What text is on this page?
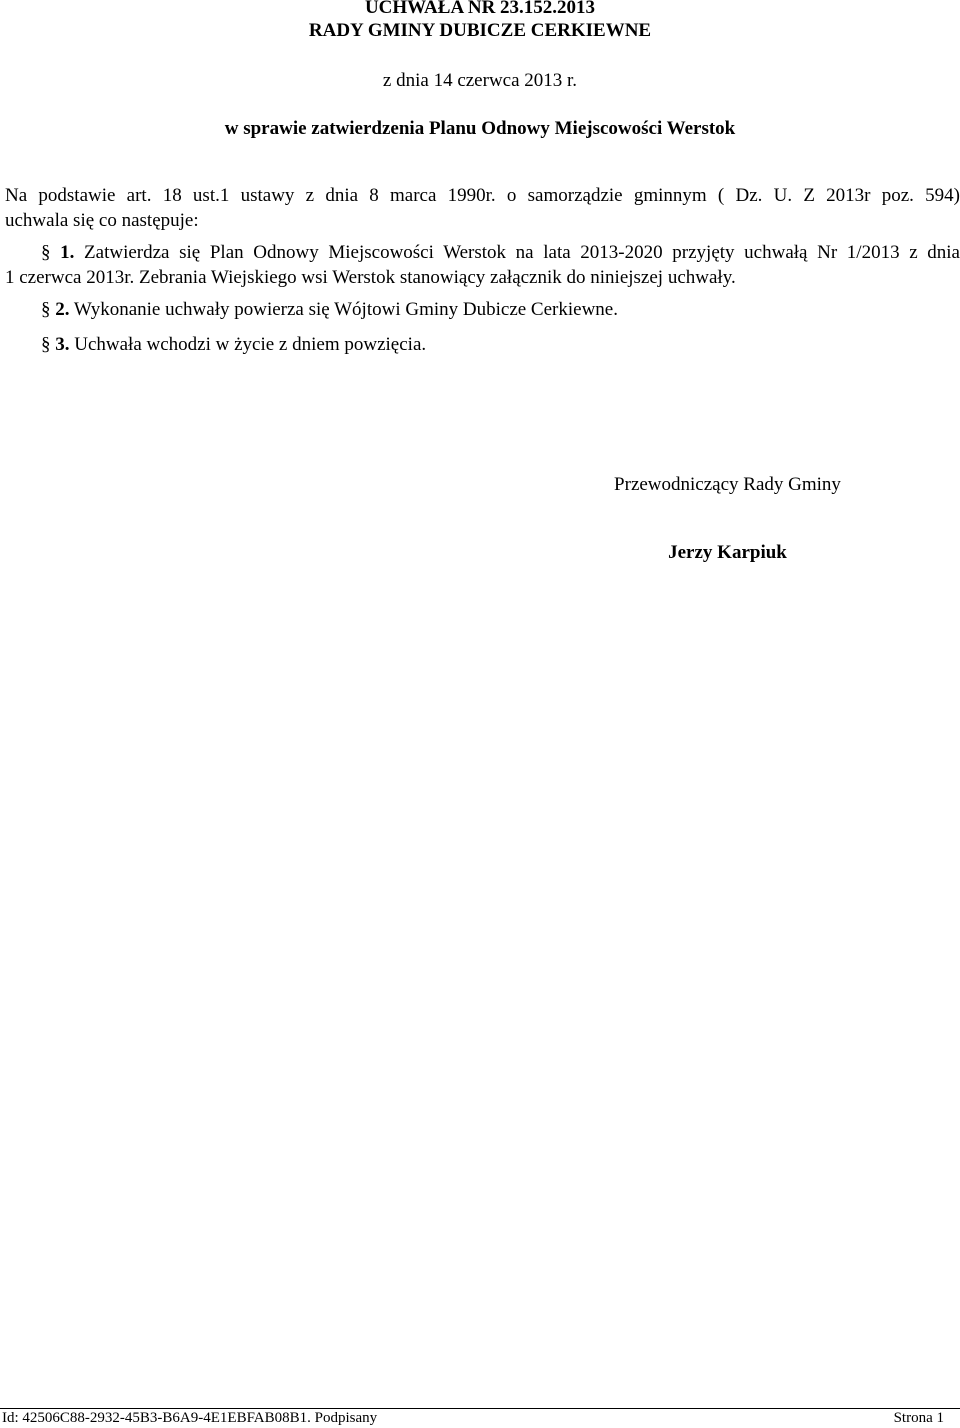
UCHWAŁA NR 23.152.2013
RADY GMINY DUBICZE CERKIEWNE
z dnia 14 czerwca 2013 r.
w sprawie zatwierdzenia Planu Odnowy Miejscowości Werstok
Na podstawie art. 18 ust.1 ustawy z dnia 8 marca 1990r. o samorządzie gminnym ( Dz. U. Z 2013r poz. 594)
uchwala się co następuje:
§ 1. Zatwierdza się Plan Odnowy Miejscowości Werstok na lata 2013-2020 przyjęty uchwałą Nr 1/2013 z dnia
1 czerwca 2013r. Zebrania Wiejskiego wsi Werstok stanowiący załącznik do niniejszej uchwały.
§ 2. Wykonanie uchwały powierza się Wójtowi Gminy Dubicze Cerkiewne.
§ 3. Uchwała wchodzi w życie z dniem powzięcia.
Przewodniczący Rady Gminy
Jerzy Karpiuk
Id: 42506C88-2932-45B3-B6A9-4E1EBFAB08B1. Podpisany	Strona 1
